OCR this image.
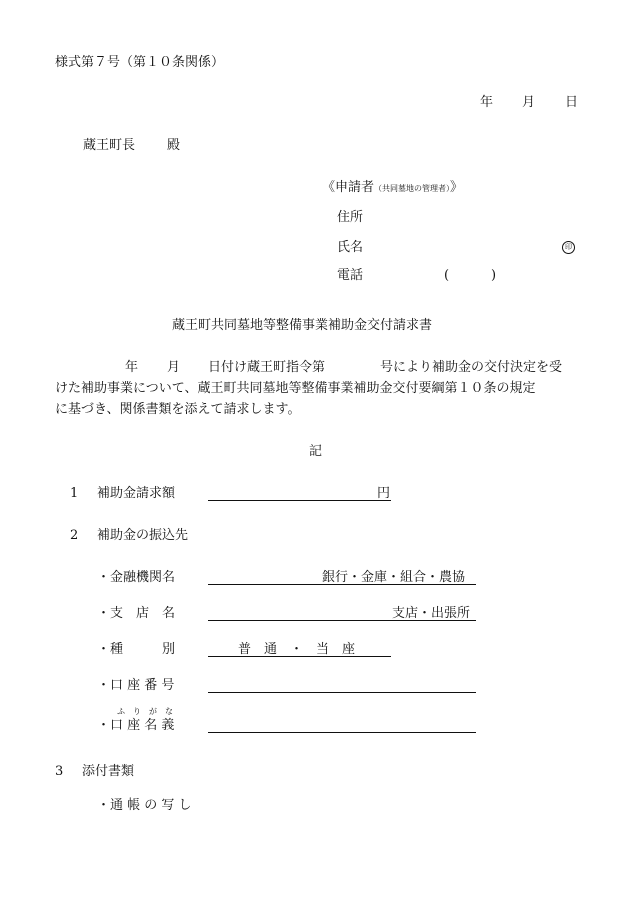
様式第７号（第１０条関係）
年 月 日
蔵王町長 殿
《申請者（共同墓地の管理者）》
住所
氏名	印
電話	(	)
蔵王町共同墓地等整備事業補助金交付請求書
年 月 日付け蔵王町指令第	号により補助金の交付決定を受
けた補助事業について、蔵王町共同墓地等整備事業補助金交付要綱第１０条の規定
に基づき、関係書類を添えて請求します。
記
1 補助金請求額	円
2 補助金の振込先
・金融機関名	銀行・金庫・組合・農協
・支　店　名	支店・出張所
・種　　　別	普　通　・　当　座
・口 座 番 号
ふ　り　が　な
・口 座 名 義
3 添付書類
・通 帳 の 写 し
